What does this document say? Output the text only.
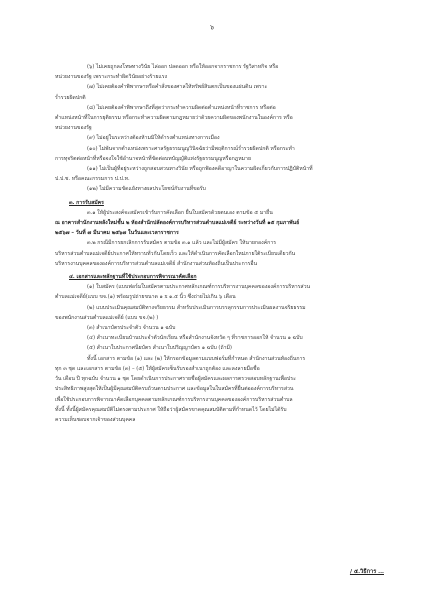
๖
(๖) ไม่เคยถูกลงโทษทางวินัย ไล่ออก ปลดออก หรือให้ออกจากราชการ รัฐวิสาหกิจ หรือ
หน่วยงานของรัฐ เพราะกระทำผิดวินัยอย่างร้ายแรง
(๗) ไม่เคยต้องคำพิพากษาหรือคำสั่งของศาลให้ทรัพย์สินตกเป็นของแผ่นดิน เพราะ
ร่ำรวยผิดปกติ
(๘) ไม่เคยต้องคำพิพากษาถึงที่สุดว่ากระทำความผิดต่อตำแหน่งหน้าที่ราชการ หรือต่อ
ตำแหน่งหน้าที่ในการยุติธรรม หรือกระทำความผิดตามกฎหมายว่าด้วยความผิดของพนักงานในองค์การ หรือ
หน่วยงานของรัฐ
(๙) ไม่อยู่ในระหว่างต้องห้ามมิให้ดำรงตำแหน่งทางการเมือง
(๑๐) ไม่พ้นจากตำแหน่งเพราะศาลรัฐธรรมนูญวินิจฉัยว่ามีพฤติการณ์ร่ำรวยผิดปกติ หรือกระทำ
การทุจริตต่อหน้าที่หรือจงใจใช้อำนาจหน้าที่ขัดต่อบทบัญญัติแห่งรัฐธรรมนูญหรือกฎหมาย
(๑๑) ไม่เป็นผู้ที่อยู่ระหว่างถูกสอบสวนทางวินัย หรือถูกฟ้องคดีอาญาในความผิดเกี่ยวกับการปฏิบัติหน้าที่
ป.ป.ช. หรือคณะกรรมการ ป.ป.ท.
(๑๒) ไม่มีความขัดแย้งทางผลประโยชน์กับงานที่ขอรับ
๓. การรับสมัคร
๓.๑ ให้ผู้ประสงค์จะสมัครเข้ารับการคัดเลือก ยื่นใบสมัครด้วยตนเอง ตามข้อ ๕ มายื่น
ณ อาคารสำนักงานหลังใหม่ชั้น ๒ ห้องสำนักปลัดองค์การบริหารส่วนตำบลแม่เจดีย์ ระหว่างวันที่ ๑๕ กุมภาพันธ์
๒๕๖๗ – วันที่ ๗ มีนาคม ๒๕๖๗ ในวันและเวลาราชการ
๓.๒ กรณีมีการยกเลิกการรับสมัคร ตามข้อ ๓.๑ แล้ว และไม่มีผู้สมัคร ให้นายกองค์การ
บริหารส่วนตำบลแม่เจดีย์ประกาศให้ทราบทั่วกันโดยเร็ว และให้ดำเนินการคัดเลือกใหม่ภายใต้ระเบียบเดียวกัน
บริหารงานบุคคลขององค์การบริหารส่วนตำบลแม่เจดีย์ สำนักงานส่วนท้องถิ่นเป็นประการอื่น
๔. เอกสารและหลักฐานที่ใช้ประกอบการพิจารณาคัดเลือก
(๑) ใบสมัคร (แบบฟอร์มใบสมัครตามประกาศหลักเกณฑ์การบริหารงานบุคคลขององค์การบริหารส่วน
ตำบลแม่เจดีย์(แบบ ขจ.(๑) พร้อมรูปถ่ายขนาด ๑ x ๑.๕ นิ้ว ซึ่งถ่ายไม่เกิน ๖ เดือน
(๒) แบบประเมินคุณสมบัติทางจริยธรรม สำหรับประเมินการบรรลุกรรมการประเมินผลงานจริยธรรม
ของพนักงานส่วนตำบลแม่เจดีย์ (แบบ ขจ.(๒) )
(๓) สำเนาบัตรประจำตัว จำนวน ๑ ฉบับ
(๔) สำเนาทะเบียนบ้านประจำตัวนักเรียน หรือสำนักงานจังหวัด ๆ ที่ราชการออกให้ จำนวน ๑ ฉบับ
(๕) สำเนาใบประกาศนียบัตร สำเนาใบปริญญาบัตร ๑ ฉบับ (ถ้ามี)
ทั้งนี้ เอกสาร ตามข้อ (๑) และ (๒) ให้กรอกข้อมูลตามแบบฟอร์มที่กำหนด สำนักงานส่วนท้องถิ่นการ
ทุก ๓ ชุด และเอกสาร ตามข้อ (๓) – (๕) ให้ผู้สมัครเซ็นรับรองสำเนาถูกต้อง และลงลายมือชื่อ
วัน เดือน ปี ทุกฉบับ จำนวน ๑ ชุด โดยดำเนินการประกาศรายชื่อผู้สมัครและผลการตรวจสอบหลักฐานเพื่อประ
ประสิทธิภาพสูงสุดให้เป็นผู้มีคุณสมบัติครบถ้วนตามประกาศ และข้อมูลในใบสมัครที่ยื่นต่อองค์การบริหารส่วน
เพื่อใช้ประกอบการพิจารณาคัดเลือกบุคคลตามหลักเกณฑ์การบริหารงานบุคคลขององค์การบริหารส่วนตำบล
ทั้งนี้ ทั้งนี้ผู้สมัครคุณสมบัติไม่ตรงตามประกาศ ให้ถือว่าผู้สมัครขาดคุณสมบัติตามที่กำหนดไว้ โดยไม่ได้รับ
ความเห็นชอบจากเจ้าของส่วนบุคคล
/ ๕.วิธีการ ...
